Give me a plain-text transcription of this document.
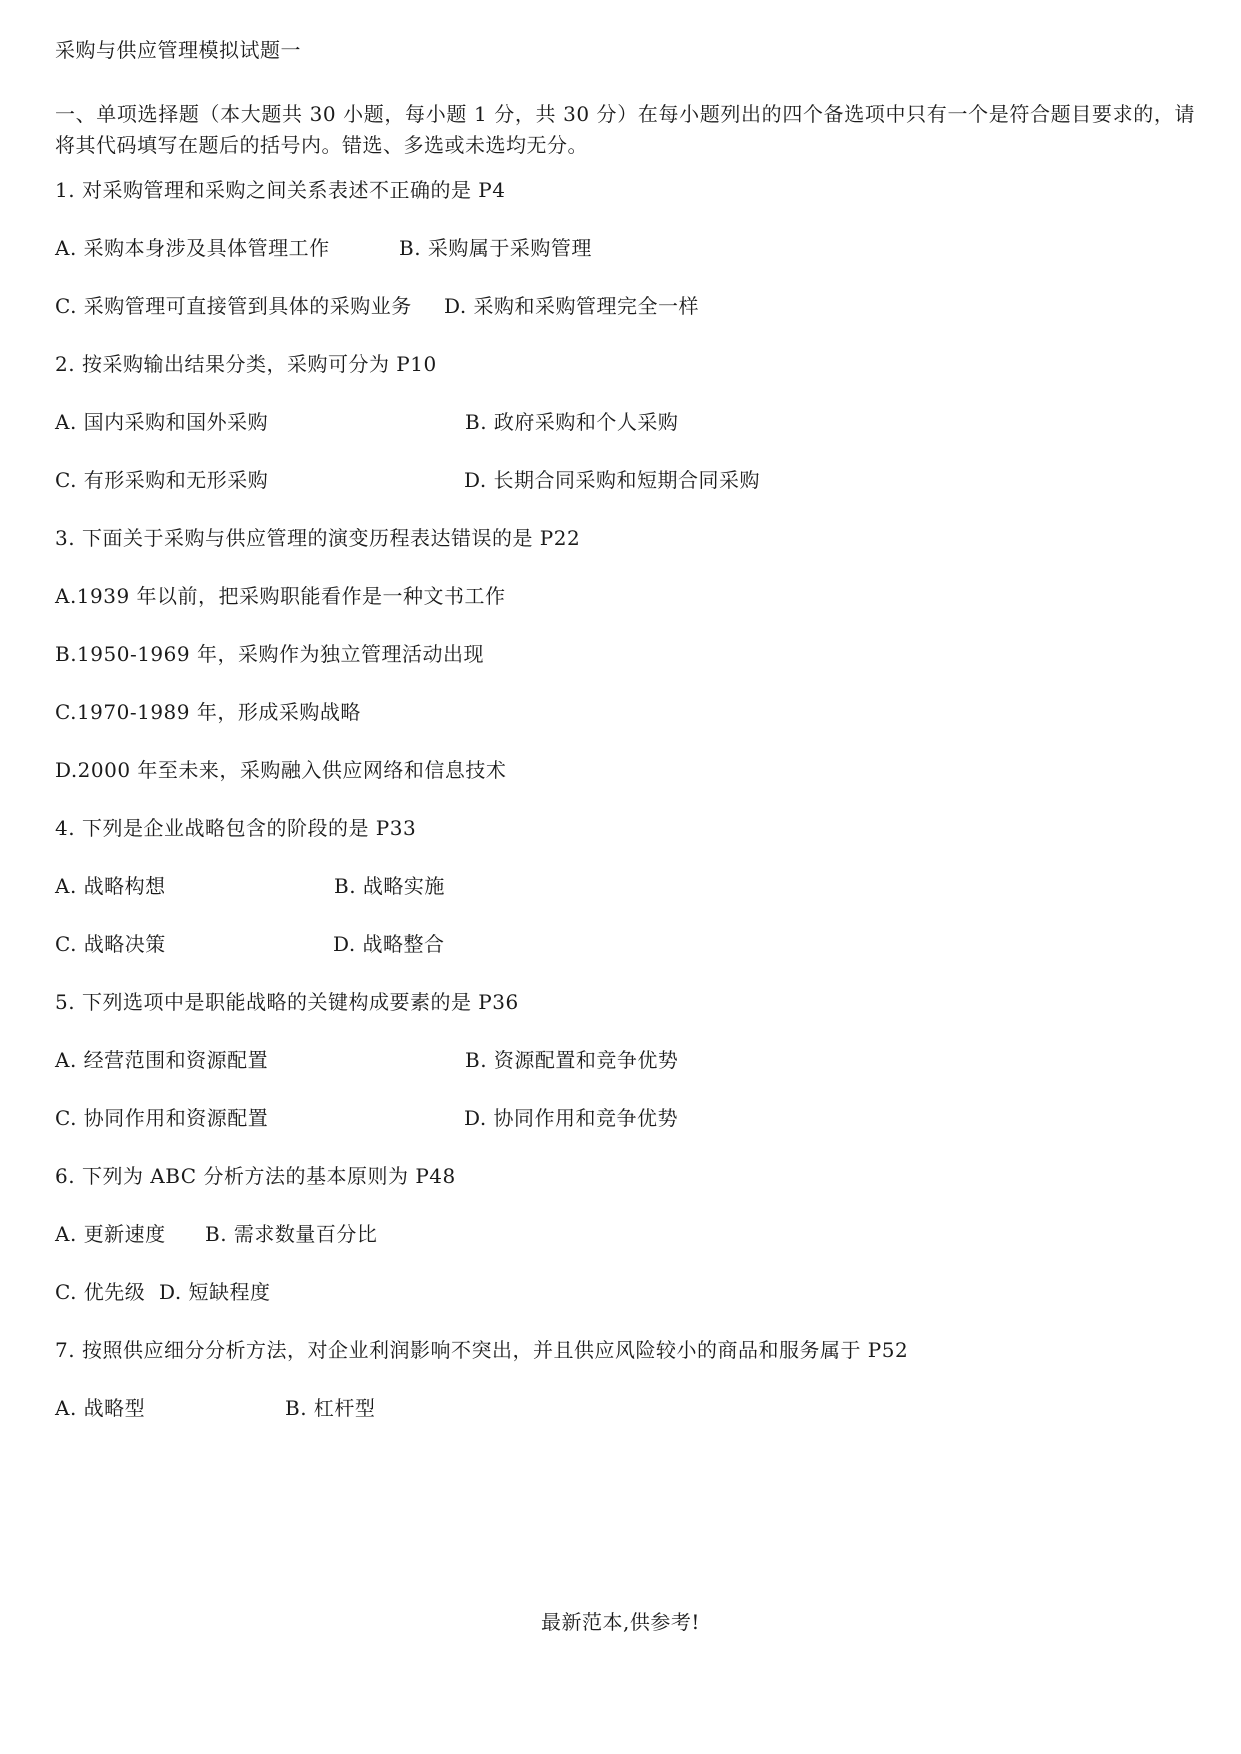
采购与供应管理模拟试题一
一、单项选择题（本大题共 30 小题，每小题 1 分，共 30 分）在每小题列出的四个备选项中只有一个是符合题目要求的，请将其代码填写在题后的括号内。错选、多选或未选均无分。
1. 对采购管理和采购之间关系表述不正确的是 P4
A. 采购本身涉及具体管理工作	B. 采购属于采购管理
C. 采购管理可直接管到具体的采购业务 D. 采购和采购管理完全一样
2. 按采购输出结果分类，采购可分为 P10
A. 国内采购和国外采购	B. 政府采购和个人采购
C. 有形采购和无形采购	D. 长期合同采购和短期合同采购
3. 下面关于采购与供应管理的演变历程表达错误的是 P22
A.1939 年以前，把采购职能看作是一种文书工作
B.1950-1969 年，采购作为独立管理活动出现
C.1970-1989 年，形成采购战略
D.2000 年至未来，采购融入供应网络和信息技术
4. 下列是企业战略包含的阶段的是 P33
A. 战略构想	B. 战略实施
C. 战略决策	D. 战略整合
5. 下列选项中是职能战略的关键构成要素的是 P36
A. 经营范围和资源配置	B. 资源配置和竞争优势
C. 协同作用和资源配置	D. 协同作用和竞争优势
6. 下列为 ABC 分析方法的基本原则为 P48
A. 更新速度 B. 需求数量百分比
C. 优先级 D. 短缺程度
7. 按照供应细分分析方法，对企业利润影响不突出，并且供应风险较小的商品和服务属于 P52
A. 战略型	B. 杠杆型
最新范本,供参考!
